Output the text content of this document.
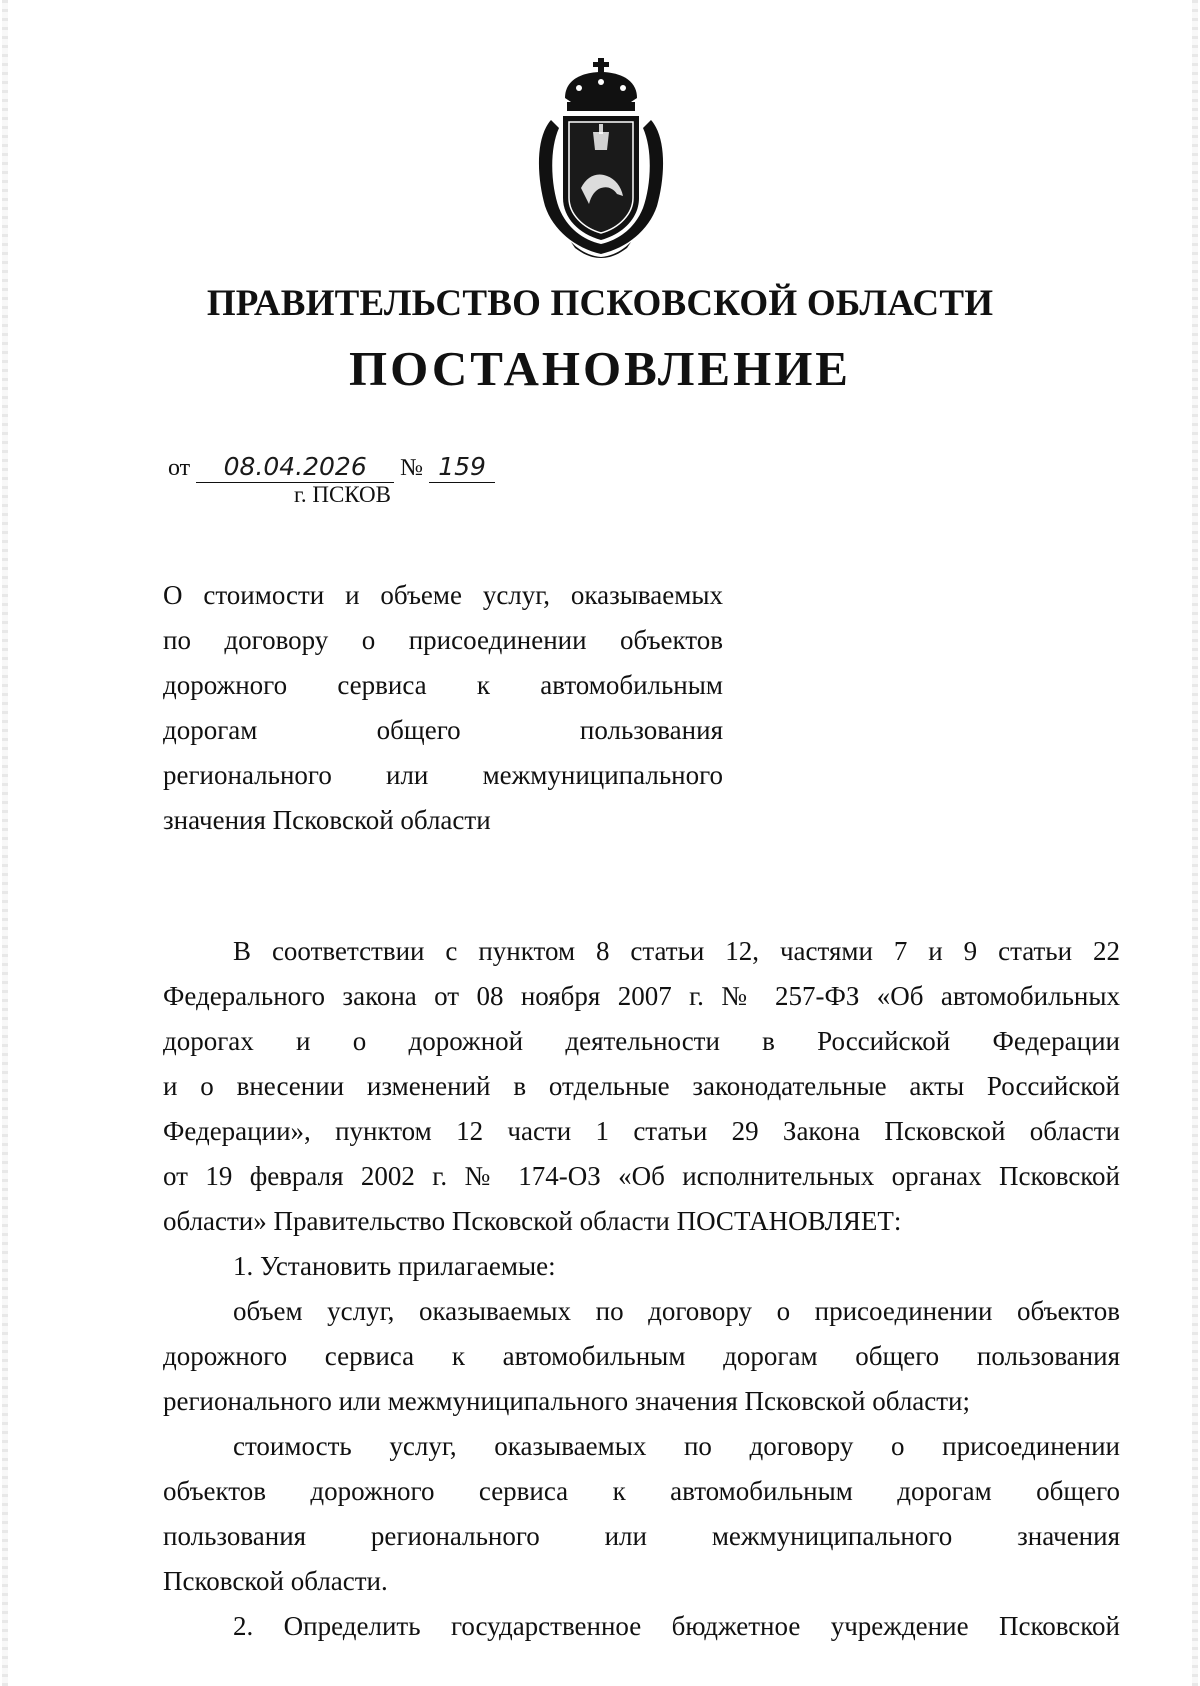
ПРАВИТЕЛЬСТВО ПСКОВСКОЙ ОБЛАСТИ
ПОСТАНОВЛЕНИЕ
от 08.04.2026 № 159
г. ПСКОВ
О стоимости и объеме услуг, оказываемых
по договору о присоединении объектов
дорожного сервиса к автомобильным
дорогам общего пользования
регионального или межмуниципального
значения Псковской области
В соответствии с пунктом 8 статьи 12, частями 7 и 9 статьи 22
Федерального закона от 08 ноября 2007 г. № 257-ФЗ «Об автомобильных
дорогах и о дорожной деятельности в Российской Федерации
и о внесении изменений в отдельные законодательные акты Российской
Федерации», пунктом 12 части 1 статьи 29 Закона Псковской области
от 19 февраля 2002 г. № 174-ОЗ «Об исполнительных органах Псковской
области» Правительство Псковской области ПОСТАНОВЛЯЕТ:
1. Установить прилагаемые:
объем услуг, оказываемых по договору о присоединении объектов
дорожного сервиса к автомобильным дорогам общего пользования
регионального или межмуниципального значения Псковской области;
стоимость услуг, оказываемых по договору о присоединении
объектов дорожного сервиса к автомобильным дорогам общего
пользования регионального или межмуниципального значения
Псковской области.
2. Определить государственное бюджетное учреждение Псковской
